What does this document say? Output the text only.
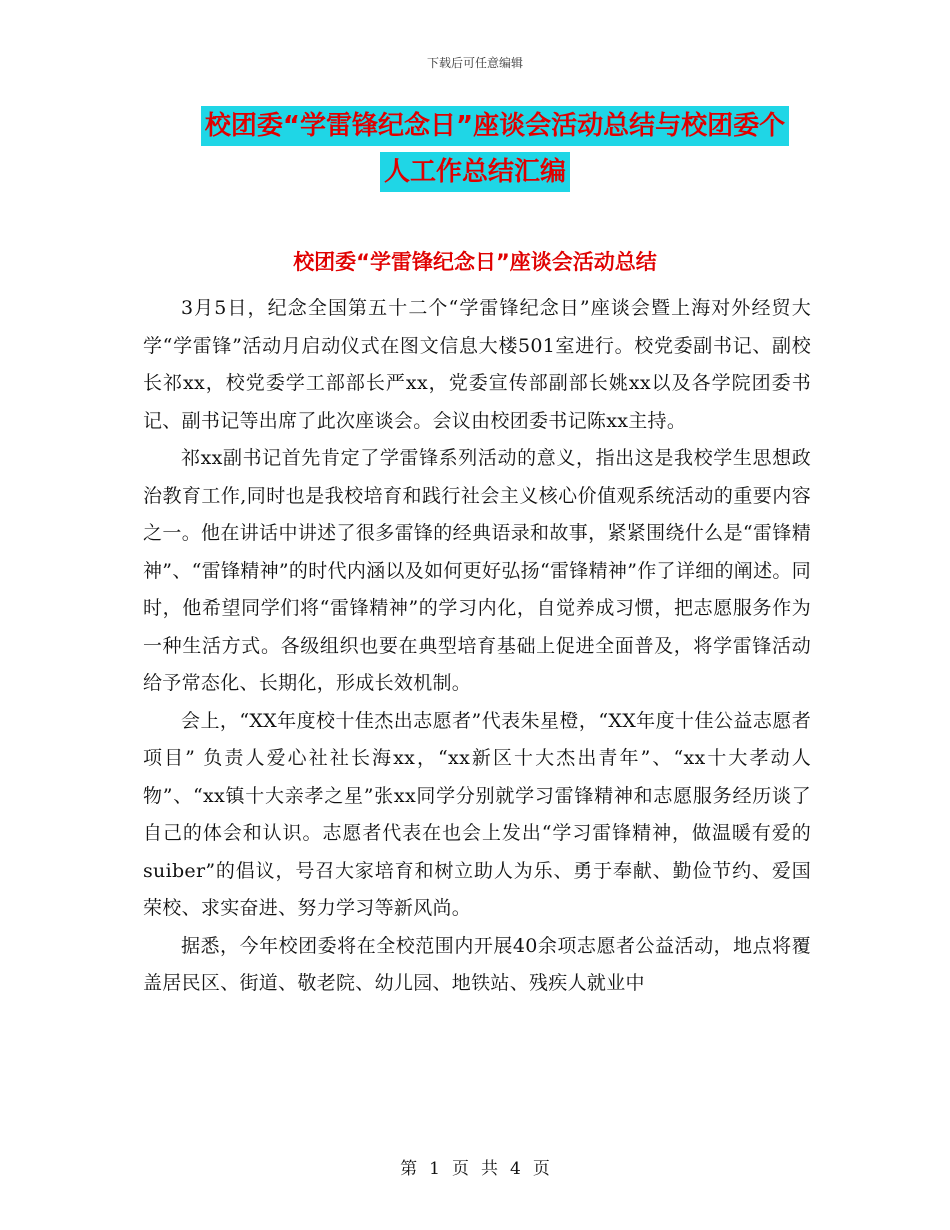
下载后可任意编辑
校团委“学雷锋纪念日”座谈会活动总结与校团委个
人工作总结汇编
校团委“学雷锋纪念日”座谈会活动总结

3月5日，纪念全国第五十二个“学雷锋纪念日”座谈会暨上海对外经贸大学“学雷锋”活动月启动仪式在图文信息大楼501室进行。校党委副书记、副校长祁xx，校党委学工部部长严xx，党委宣传部副部长姚xx以及各学院团委书记、副书记等出席了此次座谈会。会议由校团委书记陈xx主持。

祁xx副书记首先肯定了学雷锋系列活动的意义，指出这是我校学生思想政治教育工作,同时也是我校培育和践行社会主义核心价值观系统活动的重要内容之一。他在讲话中讲述了很多雷锋的经典语录和故事，紧紧围绕什么是“雷锋精神”、“雷锋精神”的时代内涵以及如何更好弘扬“雷锋精神”作了详细的阐述。同时，他希望同学们将“雷锋精神”的学习内化，自觉养成习惯，把志愿服务作为一种生活方式。各级组织也要在典型培育基础上促进全面普及，将学雷锋活动给予常态化、长期化，形成长效机制。

会上，“XX年度校十佳杰出志愿者”代表朱星橙，“XX年度十佳公益志愿者项目” 负责人爱心社社长海xx，“xx新区十大杰出青年”、“xx十大孝动人物”、“xx镇十大亲孝之星”张xx同学分别就学习雷锋精神和志愿服务经历谈了自己的体会和认识。志愿者代表在也会上发出“学习雷锋精神，做温暖有爱的suiber”的倡议，号召大家培育和树立助人为乐、勇于奉献、勤俭节约、爱国荣校、求实奋进、努力学习等新风尚。

据悉，今年校团委将在全校范围内开展40余项志愿者公益活动，地点将覆盖居民区、街道、敬老院、幼儿园、地铁站、残疾人就业中

第 1 页 共 4 页
